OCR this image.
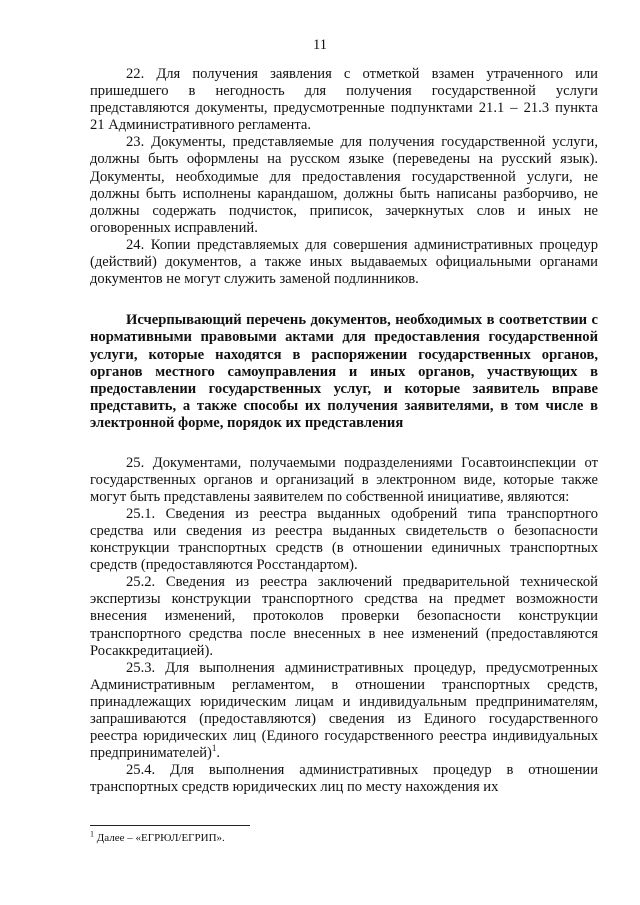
11

22. Для получения заявления с отметкой взамен утраченного или пришедшего в негодность для получения государственной услуги представляются документы, предусмотренные подпунктами 21.1 – 21.3 пункта 21 Административного регламента.

23. Документы, представляемые для получения государственной услуги, должны быть оформлены на русском языке (переведены на русский язык). Документы, необходимые для предоставления государственной услуги, не должны быть исполнены карандашом, должны быть написаны разборчиво, не должны содержать подчисток, приписок, зачеркнутых слов и иных не оговоренных исправлений.

24. Копии представляемых для совершения административных процедур (действий) документов, а также иных выдаваемых официальными органами документов не могут служить заменой подлинников.

Исчерпывающий перечень документов, необходимых в соответствии с нормативными правовыми актами для предоставления государственной услуги, которые находятся в распоряжении государственных органов, органов местного самоуправления и иных органов, участвующих в предоставлении государственных услуг, и которые заявитель вправе представить, а также способы их получения заявителями, в том числе в электронной форме, порядок их представления

25. Документами, получаемыми подразделениями Госавтоинспекции от государственных органов и организаций в электронном виде, которые также могут быть представлены заявителем по собственной инициативе, являются:

25.1. Сведения из реестра выданных одобрений типа транспортного средства или сведения из реестра выданных свидетельств о безопасности конструкции транспортных средств (в отношении единичных транспортных средств (предоставляются Росстандартом).

25.2. Сведения из реестра заключений предварительной технической экспертизы конструкции транспортного средства на предмет возможности внесения изменений, протоколов проверки безопасности конструкции транспортного средства после внесенных в нее изменений (предоставляются Росаккредитацией).

25.3. Для выполнения административных процедур, предусмотренных Административным регламентом, в отношении транспортных средств, принадлежащих юридическим лицам и индивидуальным предпринимателям, запрашиваются (предоставляются) сведения из Единого государственного реестра юридических лиц (Единого государственного реестра индивидуальных предпринимателей)$^1$.

25.4. Для выполнения административных процедур в отношении транспортных средств юридических лиц по месту нахождения их

$^1$ Далее – «ЕГРЮЛ/ЕГРИП».
